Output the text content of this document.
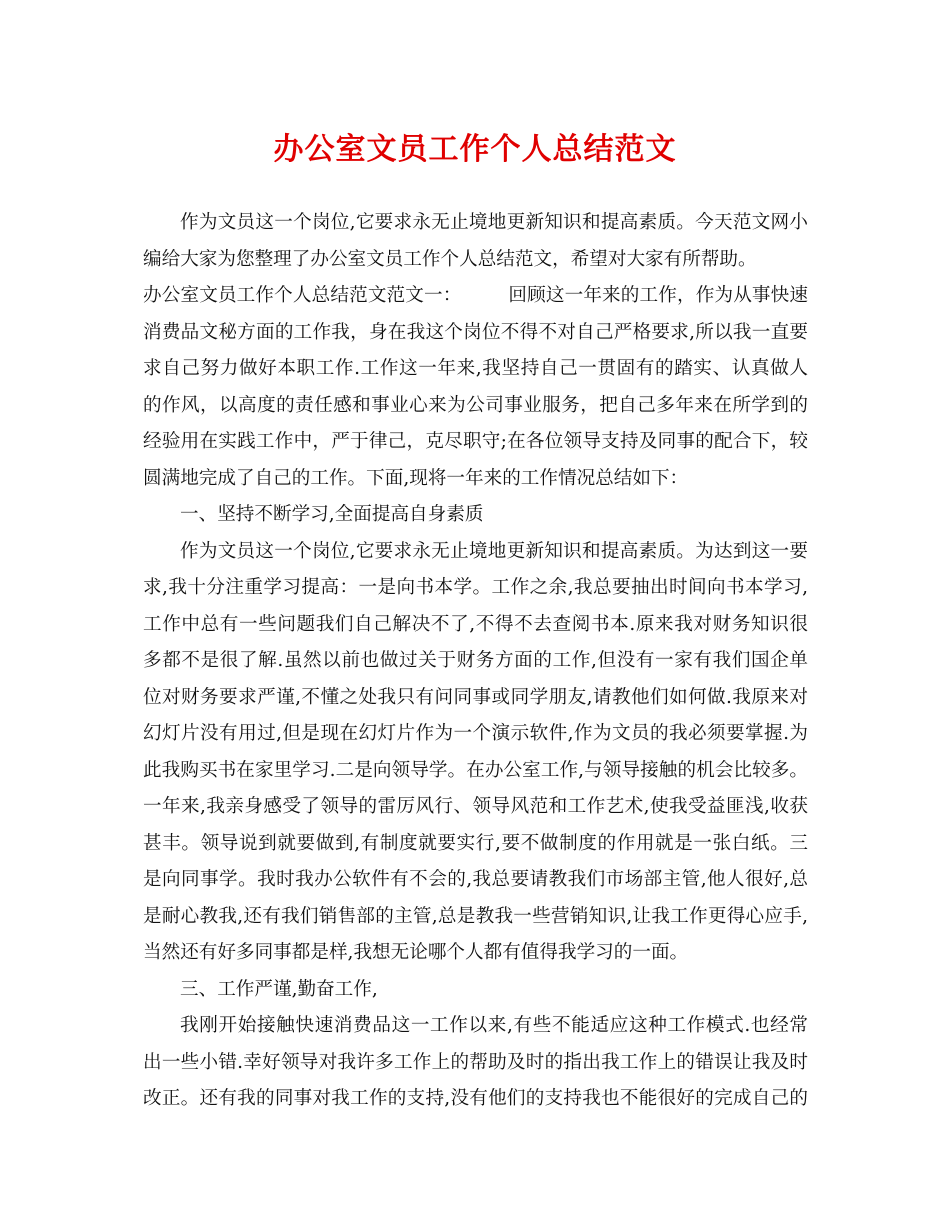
办公室文员工作个人总结范文
作为文员这一个岗位,它要求永无止境地更新知识和提高素质。今天范文网小
编给大家为您整理了办公室文员工作个人总结范文，希望对大家有所帮助。
办公室文员工作个人总结范文范文一：　　　回顾这一年来的工作，作为从事快速
消费品文秘方面的工作我，身在我这个岗位不得不对自己严格要求,所以我一直要
求自己努力做好本职工作.工作这一年来,我坚持自己一贯固有的踏实、认真做人
的作风，以高度的责任感和事业心来为公司事业服务，把自己多年来在所学到的
经验用在实践工作中，严于律己，克尽职守;在各位领导支持及同事的配合下，较
圆满地完成了自己的工作。下面,现将一年来的工作情况总结如下：
一、坚持不断学习,全面提高自身素质
作为文员这一个岗位,它要求永无止境地更新知识和提高素质。为达到这一要
求,我十分注重学习提高：一是向书本学。工作之余,我总要抽出时间向书本学习,
工作中总有一些问题我们自己解决不了,不得不去查阅书本.原来我对财务知识很
多都不是很了解.虽然以前也做过关于财务方面的工作,但没有一家有我们国企单
位对财务要求严谨,不懂之处我只有问同事或同学朋友,请教他们如何做.我原来对
幻灯片没有用过,但是现在幻灯片作为一个演示软件,作为文员的我必须要掌握.为
此我购买书在家里学习.二是向领导学。在办公室工作,与领导接触的机会比较多。
一年来,我亲身感受了领导的雷厉风行、领导风范和工作艺术,使我受益匪浅,收获
甚丰。领导说到就要做到,有制度就要实行,要不做制度的作用就是一张白纸。三
是向同事学。我时我办公软件有不会的,我总要请教我们市场部主管,他人很好,总
是耐心教我,还有我们销售部的主管,总是教我一些营销知识,让我工作更得心应手,
当然还有好多同事都是样,我想无论哪个人都有值得我学习的一面。
三、工作严谨,勤奋工作,
我刚开始接触快速消费品这一工作以来,有些不能适应这种工作模式.也经常
出一些小错.幸好领导对我许多工作上的帮助及时的指出我工作上的错误让我及时
改正。还有我的同事对我工作的支持,没有他们的支持我也不能很好的完成自己的
